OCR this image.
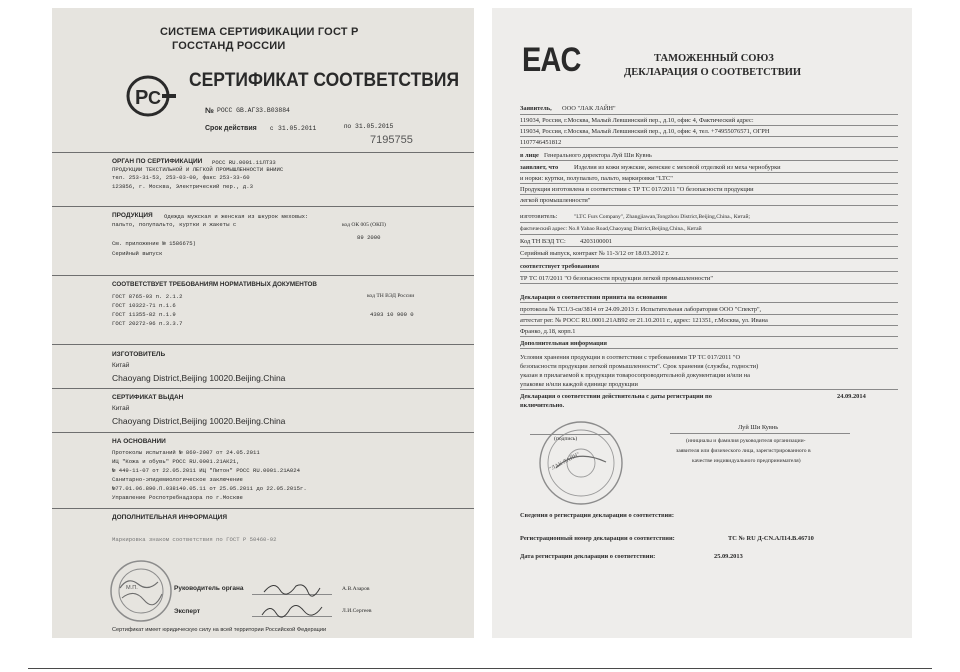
СИСТЕМА СЕРТИФИКАЦИИ ГОСТ Р
ГОССТАНД РОССИИ
Р С
СЕРТИФИКАТ СООТВЕТСТВИЯ
№ РОСС GB.АГ33.В03884
Срок действия с 31.05.2011	по 31.05.2015
7195755
ОРГАН ПО СЕРТИФИКАЦИИ РОСС RU.0001.11ЛТ33
ПРОДУКЦИИ ТЕКСТИЛЬНОЙ И ЛЕГКОЙ ПРОМЫШЛЕННОСТИ ВНИИС
тел. 253-31-53, 253-03-00, факс 253-33-60
123856, г. Москва, Электрический пер., д.3
ПРОДУКЦИЯ Одежда мужская и женская из шкурок меховых:
пальто, полупальто, куртки и жакеты с
См. приложение № 1586675)
Серийный выпуск
код ОК 005 (ОКП)
89 2000
СООТВЕТСТВУЕТ ТРЕБОВАНИЯМ НОРМАТИВНЫХ ДОКУМЕНТОВ
код ТН ВЭД России
ГОСТ 8765-93 п. 2.1.2
ГОСТ 10322-71 п.1.6
ГОСТ 11355-82 п.1.9
ГОСТ 20272-96 п.3.3.7
4303 10 900 0
ИЗГОТОВИТЕЛЬ
Китай
Chaoyang District,Beijing 10020.Beijing.China
СЕРТИФИКАТ ВЫДАН
Китай
Chaoyang District,Beijing 10020.Beijing.China
НА ОСНОВАНИИ
Протоколы испытаний № 869-2007 от 24.05.2011
ИЦ "Кожа и обувь" РОСС RU.0001.21АК21,
№ 449-11-07 от 22.05.2011 ИЦ "Питон" РОСС RU.0001.21А024
Санитарно-эпидемиологическое заключение
№77.01.06.890.П.038140.05.11 от 25.05.2011 до 22.05.2015г.
Управление Роспотребнадзора по г.Москве
ДОПОЛНИТЕЛЬНАЯ ИНФОРМАЦИЯ
Маркировка знаком соответствия по ГОСТ Р 50460-92
М.П.	Руководитель органа	А.В.Азаров
Эксперт	Л.И.Сергеев
Сертификат имеет юридическую силу на всей территории Российской Федерации
EAC	ТАМОЖЕННЫЙ СОЮЗ
ДЕКЛАРАЦИЯ О СООТВЕТСТВИИ
Заявитель, ООО "ЛАК ЛАЙН"
119034, Россия, г.Москва, Малый Левшинский пер., д.10, офис 4, Фактический адрес:
119034, Россия, г.Москва, Малый Левшинский пер., д.10, офис 4, тел. +74955076571, ОГРН
1107746451812
в лице Генерального директора Луй Ши Кувнь
заявляет, что Изделия из кожи мужские, женские с меховой отделкой из меха чернобурки
и норки: куртки, полупальто, пальто, маркировки "LTC"
Продукция изготовлена в соответствии с ТР ТС 017/2011 "О безопасности продукции
легкой промышленности"
изготовитель:	"LTC Furs Company", Zhangjiawan,Tongzhou District,Beijing,China., Китай;
фактический адрес: No.8 Yabao Road,Chaoyang District,Beijing,China., Китай
Код ТН ВЭД ТС: 4203100001
Серийный выпуск, контракт № 11-3/12 от 18.03.2012 г.
соответствует требованиям
ТР ТС 017/2011 "О безопасности продукции легкой промышленности"
Декларация о соответствии принята на основании
протокола № ТС1/3-си/3814 от 24.09.2013 г. Испытательная лаборатория ООО "Спектр",
аттестат рег. № РОСС RU.0001.21АВ92 от 21.10.2011 г., адрес: 121351, г.Москва, ул. Ивана
Франко, д.18, корп.1
Дополнительная информация
Условия хранения продукции в соответствии с требованиями ТР ТС 017/2011 "О
безопасности продукции легкой промышленности". Срок хранения (службы, годности)
указан в прилагаемой к продукции товаросопроводительной документации и/или на
упаковке и/или каждой единице продукции
Декларация о соответствии действительна с даты регистрации по	24.09.2014
включительно.
(подпись)
"ЛАК ЛАЙН"
Луй Ши Кувнь
(инициалы и фамилия руководителя организации-
заявителя или физического лица, зарегистрированного в
качестве индивидуального предпринимателя)
Сведения о регистрации декларации о соответствии:
Регистрационный номер декларации о соответствии:	ТС № RU Д-CN.АЛ14.В.46710
Дата регистрации декларации о соответствии:	25.09.2013
